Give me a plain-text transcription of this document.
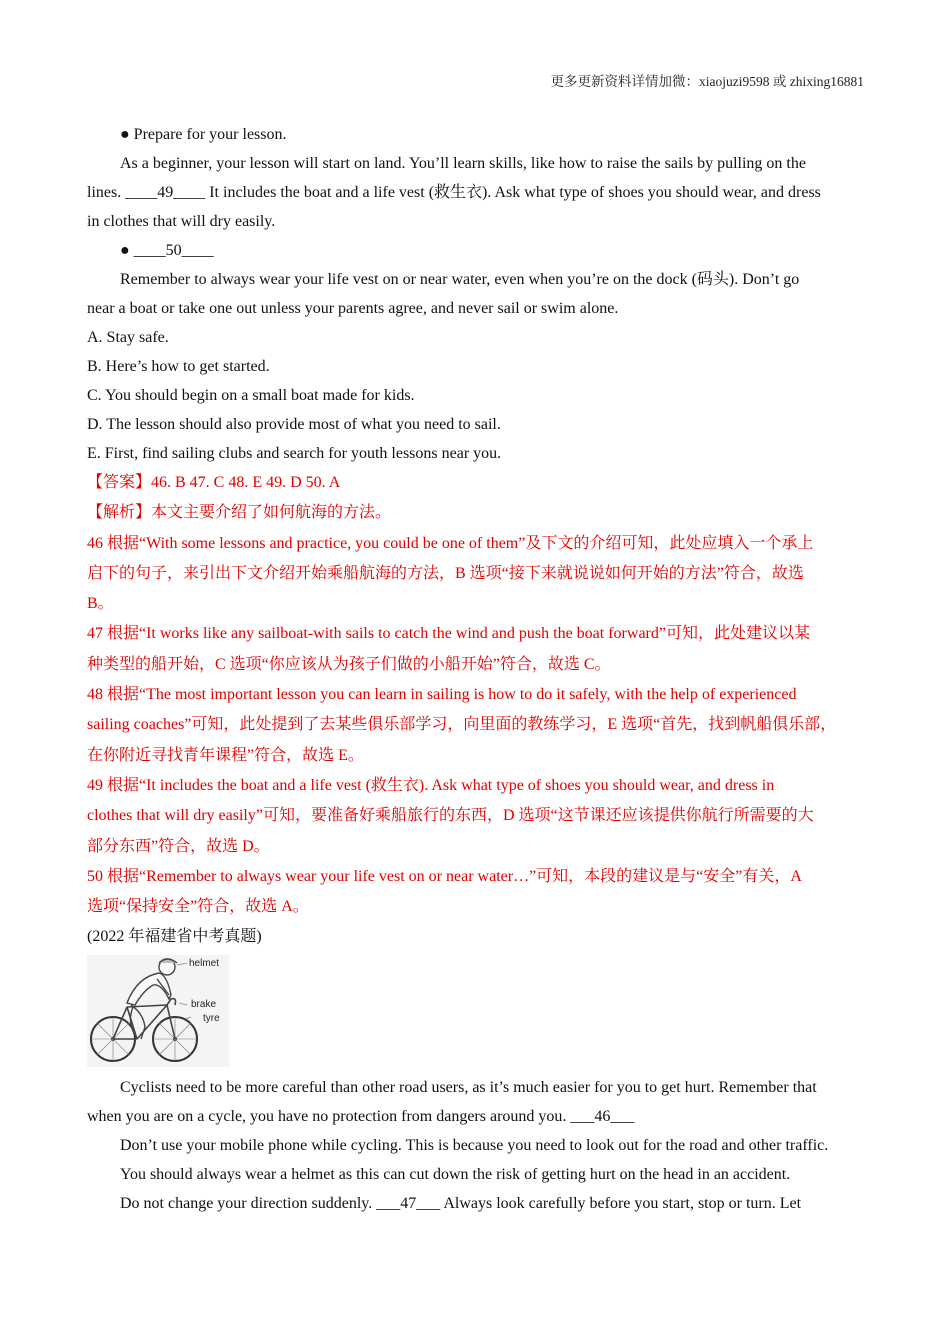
更多更新资料详情加微：xiaojuzi9598 或 zhixing16881

● Prepare for your lesson.

As a beginner, your lesson will start on land. You’ll learn skills, like how to raise the sails by pulling on the

lines. ____49____ It includes the boat and a life vest (救生衣). Ask what type of shoes you should wear, and dress

in clothes that will dry easily.

● ____50____

Remember to always wear your life vest on or near water, even when you’re on the dock (码头). Don’t go

near a boat or take one out unless your parents agree, and never sail or swim alone.

A. Stay safe.

B. Here’s how to get started.

C. You should begin on a small boat made for kids.

D. The lesson should also provide most of what you need to sail.

E. First, find sailing clubs and search for youth lessons near you.

【答案】46. B 47. C 48. E 49. D 50. A

【解析】本文主要介绍了如何航海的方法。

46 根据“With some lessons and practice, you could be one of them”及下文的介绍可知，此处应填入一个承上

启下的句子，来引出下文介绍开始乘船航海的方法，B 选项“接下来就说说如何开始的方法”符合，故选

B。

47 根据“It works like any sailboat-with sails to catch the wind and push the boat forward”可知，此处建议以某

种类型的船开始，C 选项“你应该从为孩子们做的小船开始”符合，故选 C。

48 根据“The most important lesson you can learn in sailing is how to do it safely, with the help of experienced

sailing coaches”可知，此处提到了去某些俱乐部学习，向里面的教练学习，E 选项“首先，找到帆船俱乐部，

在你附近寻找青年课程”符合，故选 E。

49 根据“It includes the boat and a life vest (救生衣). Ask what type of shoes you should wear, and dress in

clothes that will dry easily”可知，要准备好乘船旅行的东西，D 选项“这节课还应该提供你航行所需要的大

部分东西”符合，故选 D。

50 根据“Remember to always wear your life vest on or near water…”可知，本段的建议是与“安全”有关，A

选项“保持安全”符合，故选 A。

(2022 年福建省中考真题)

helmet
brake
tyre

Cyclists need to be more careful than other road users, as it’s much easier for you to get hurt. Remember that

when you are on a cycle, you have no protection from dangers around you. ___46___

Don’t use your mobile phone while cycling. This is because you need to look out for the road and other traffic.

You should always wear a helmet as this can cut down the risk of getting hurt on the head in an accident.

Do not change your direction suddenly. ___47___ Always look carefully before you start, stop or turn. Let
